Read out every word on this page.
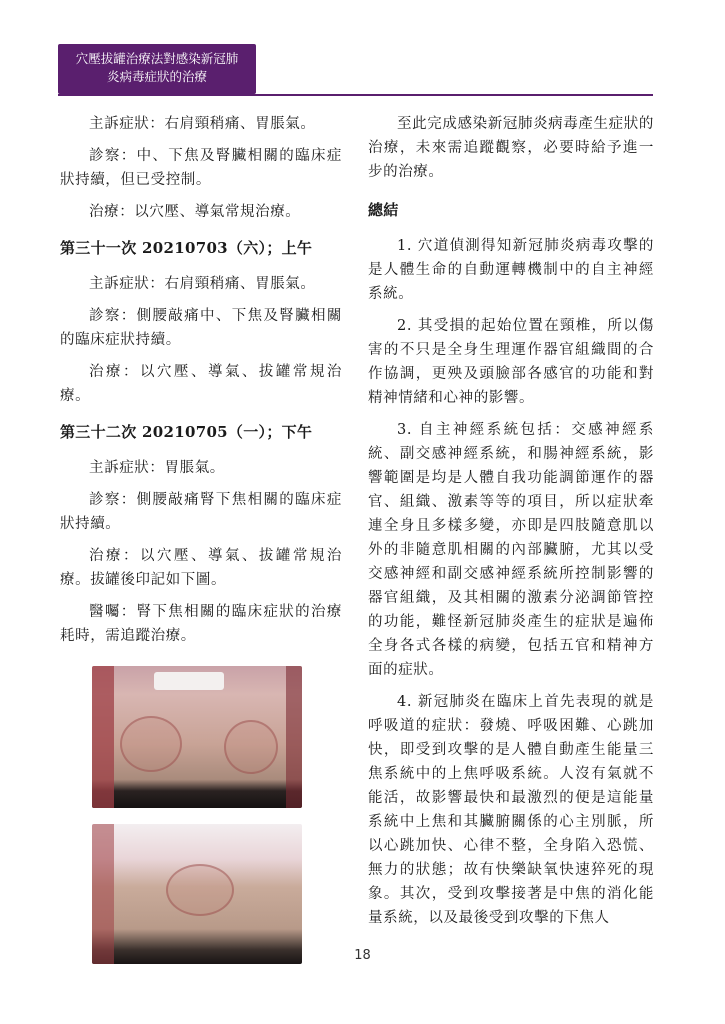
穴壓拔罐治療法對感染新冠肺
炎病毒症狀的治療

主訴症狀：右肩頸稍痛、胃脹氣。

診察：中、下焦及腎臟相關的臨床症狀持續，但已受控制。

治療：以穴壓、導氣常規治療。

第三十一次 20210703（六）；上午

主訴症狀：右肩頸稍痛、胃脹氣。

診察：側腰敲痛中、下焦及腎臟相關的臨床症狀持續。

治療：以穴壓、導氣、拔罐常規治療。

第三十二次 20210705（一）；下午

主訴症狀：胃脹氣。

診察：側腰敲痛腎下焦相關的臨床症狀持續。

治療：以穴壓、導氣、拔罐常規治療。拔罐後印記如下圖。

醫囑：腎下焦相關的臨床症狀的治療耗時，需追蹤治療。

至此完成感染新冠肺炎病毒產生症狀的治療，未來需追蹤觀察，必要時給予進一步的治療。

總結

1. 穴道偵測得知新冠肺炎病毒攻擊的是人體生命的自動運轉機制中的自主神經系統。

2. 其受損的起始位置在頸椎，所以傷害的不只是全身生理運作器官組織間的合作協調，更殃及頭臉部各感官的功能和對精神情緒和心神的影響。

3. 自主神經系統包括：交感神經系統、副交感神經系統，和腸神經系統，影響範圍是均是人體自我功能調節運作的器官、組織、激素等等的項目，所以症狀牽連全身且多樣多變，亦即是四肢隨意肌以外的非隨意肌相關的內部臟腑，尤其以受交感神經和副交感神經系統所控制影響的器官組織，及其相關的激素分泌調節管控的功能，難怪新冠肺炎產生的症狀是遍佈全身各式各樣的病變，包括五官和精神方面的症狀。

4. 新冠肺炎在臨床上首先表現的就是呼吸道的症狀：發燒、呼吸困難、心跳加快，即受到攻擊的是人體自動產生能量三焦系統中的上焦呼吸系統。人沒有氣就不能活，故影響最快和最激烈的便是這能量系統中上焦和其臟腑關係的心主別脈，所以心跳加快、心律不整，全身陷入恐慌、無力的狀態；故有快樂缺氧快速猝死的現象。其次，受到攻擊接著是中焦的消化能量系統，以及最後受到攻擊的下焦人

18
